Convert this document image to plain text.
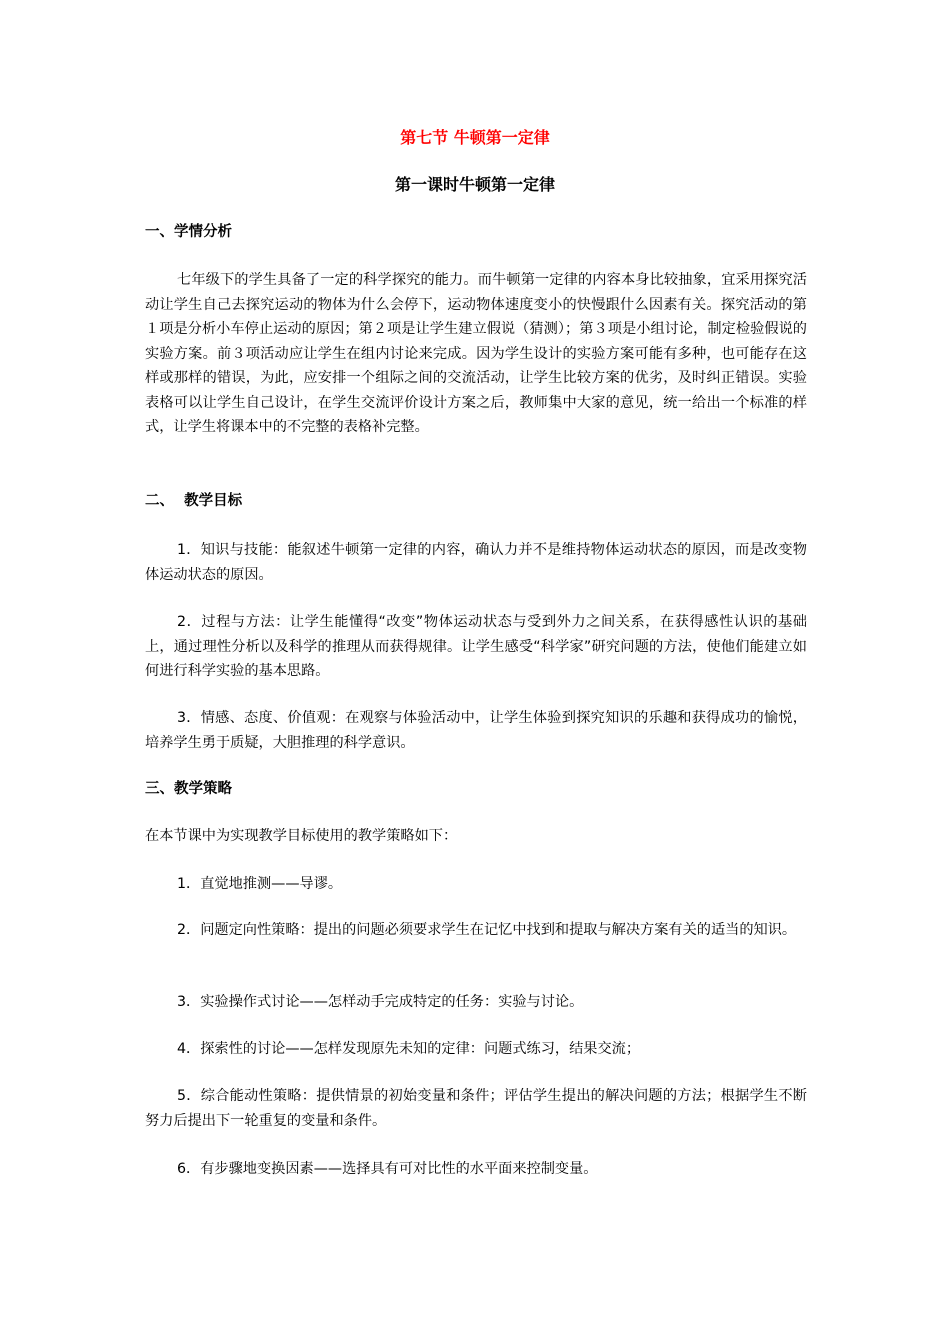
第七节 牛顿第一定律
第一课时牛顿第一定律
一、学情分析

七年级下的学生具备了一定的科学探究的能力。而牛顿第一定律的内容本身比较抽象，宜采用探究活动让学生自己去探究运动的物体为什么会停下，运动物体速度变小的快慢跟什么因素有关。探究活动的第１项是分析小车停止运动的原因；第２项是让学生建立假说（猜测）；第３项是小组讨论，制定检验假说的实验方案。前３项活动应让学生在组内讨论来完成。因为学生设计的实验方案可能有多种，也可能存在这样或那样的错误，为此，应安排一个组际之间的交流活动，让学生比较方案的优劣，及时纠正错误。实验表格可以让学生自己设计，在学生交流评价设计方案之后，教师集中大家的意见，统一给出一个标准的样式，让学生将课本中的不完整的表格补完整。

二、  教学目标

1．知识与技能：能叙述牛顿第一定律的内容，确认力并不是维持物体运动状态的原因，而是改变物体运动状态的原因。

2．过程与方法：让学生能懂得“改变”物体运动状态与受到外力之间关系，在获得感性认识的基础上，通过理性分析以及科学的推理从而获得规律。让学生感受“科学家”研究问题的方法，使他们能建立如何进行科学实验的基本思路。

3．情感、态度、价值观：在观察与体验活动中，让学生体验到探究知识的乐趣和获得成功的愉悦，培养学生勇于质疑，大胆推理的科学意识。

三、教学策略

在本节课中为实现教学目标使用的教学策略如下：

1．直觉地推测——导谬。

2．问题定向性策略：提出的问题必须要求学生在记忆中找到和提取与解决方案有关的适当的知识。

3．实验操作式讨论——怎样动手完成特定的任务：实验与讨论。

4．探索性的讨论——怎样发现原先未知的定律：问题式练习，结果交流；

5．综合能动性策略：提供情景的初始变量和条件；评估学生提出的解决问题的方法；根据学生不断努力后提出下一轮重复的变量和条件。

6．有步骤地变换因素——选择具有可对比性的水平面来控制变量。
